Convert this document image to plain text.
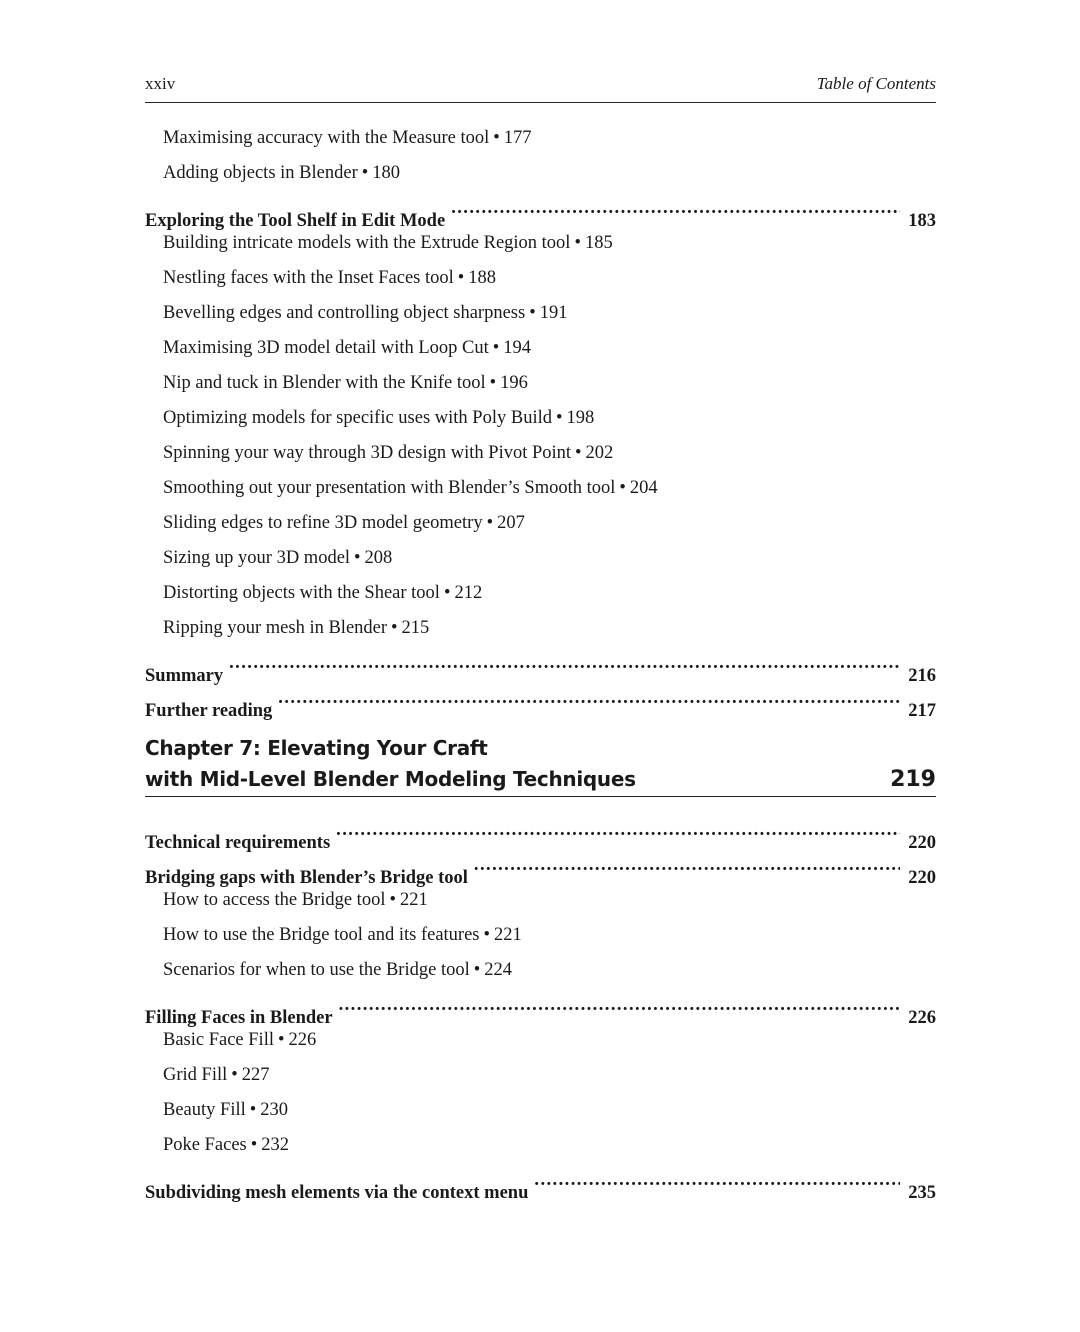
xxiv	Table of Contents
Maximising accuracy with the Measure tool • 177
Adding objects in Blender • 180
Exploring the Tool Shelf in Edit Mode . . .	183
Building intricate models with the Extrude Region tool • 185
Nestling faces with the Inset Faces tool • 188
Bevelling edges and controlling object sharpness • 191
Maximising 3D model detail with Loop Cut • 194
Nip and tuck in Blender with the Knife tool • 196
Optimizing models for specific uses with Poly Build • 198
Spinning your way through 3D design with Pivot Point • 202
Smoothing out your presentation with Blender’s Smooth tool • 204
Sliding edges to refine 3D model geometry • 207
Sizing up your 3D model • 208
Distorting objects with the Shear tool • 212
Ripping your mesh in Blender • 215
Summary . . .	216
Further reading . . .	217
Chapter 7: Elevating Your Craft
with Mid-Level Blender Modeling Techniques	219
Technical requirements . . .	220
Bridging gaps with Blender’s Bridge tool . . .	220
How to access the Bridge tool • 221
How to use the Bridge tool and its features • 221
Scenarios for when to use the Bridge tool • 224
Filling Faces in Blender . . .	226
Basic Face Fill • 226
Grid Fill • 227
Beauty Fill • 230
Poke Faces • 232
Subdividing mesh elements via the context menu . . .	235
